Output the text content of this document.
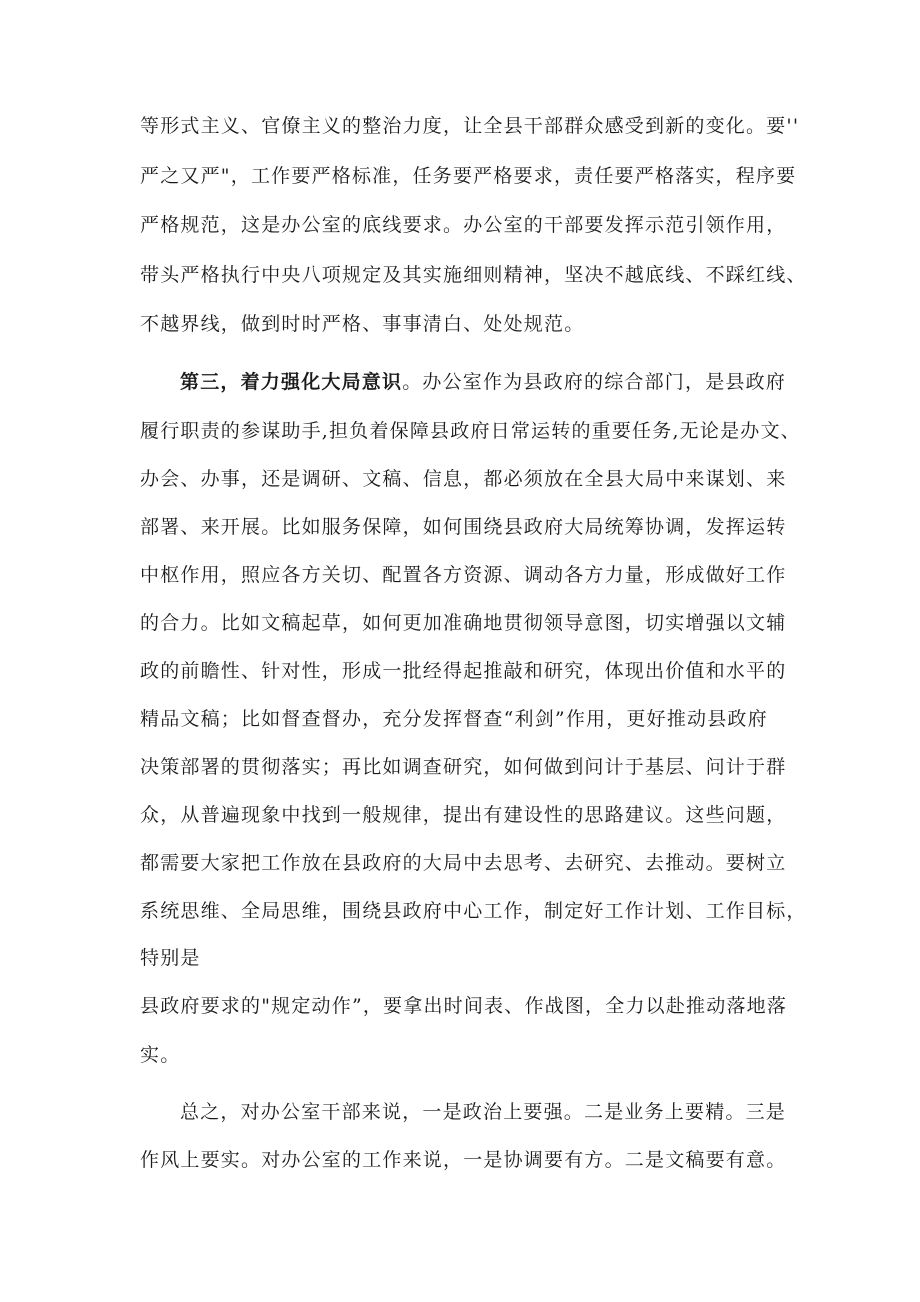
等形式主义、官僚主义的整治力度，让全县干部群众感受到新的变化。要''
严之又严"，工作要严格标准，任务要严格要求，责任要严格落实，程序要
严格规范，这是办公室的底线要求。办公室的干部要发挥示范引领作用，
带头严格执行中央八项规定及其实施细则精神，坚决不越底线、不踩红线、
不越界线，做到时时严格、事事清白、处处规范。
第三，着力强化大局意识。办公室作为县政府的综合部门，是县政府
履行职责的参谋助手,担负着保障县政府日常运转的重要任务,无论是办文、
办会、办事，还是调研、文稿、信息，都必须放在全县大局中来谋划、来
部署、来开展。比如服务保障，如何围绕县政府大局统筹协调，发挥运转
中枢作用，照应各方关切、配置各方资源、调动各方力量，形成做好工作
的合力。比如文稿起草，如何更加准确地贯彻领导意图，切实增强以文辅
政的前瞻性、针对性，形成一批经得起推敲和研究，体现出价值和水平的
精品文稿；比如督查督办，充分发挥督查“利剑”作用，更好推动县政府
决策部署的贯彻落实；再比如调查研究，如何做到问计于基层、问计于群
众，从普遍现象中找到一般规律，提出有建设性的思路建议。这些问题，
都需要大家把工作放在县政府的大局中去思考、去研究、去推动。要树立
系统思维、全局思维，围绕县政府中心工作，制定好工作计划、工作目标，
特别是
县政府要求的"规定动作”，要拿出时间表、作战图，全力以赴推动落地落
实。
总之，对办公室干部来说，一是政治上要强。二是业务上要精。三是
作风上要实。对办公室的工作来说，一是协调要有方。二是文稿要有意。
